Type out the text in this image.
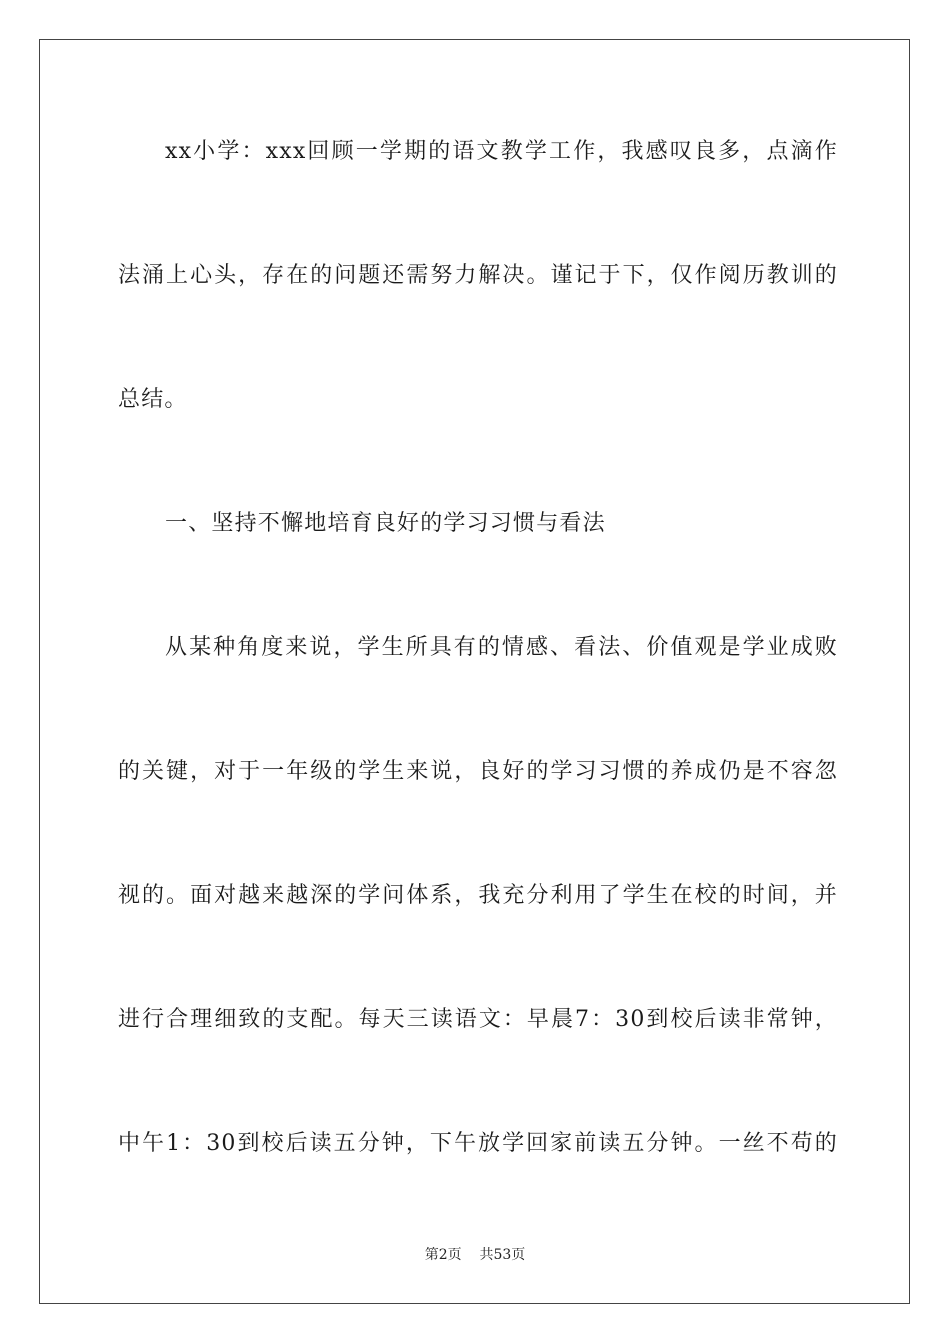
xx小学：xxx回顾一学期的语文教学工作，我感叹良多，点滴作
法涌上心头，存在的问题还需努力解决。谨记于下，仅作阅历教训的
总结。
一、坚持不懈地培育良好的学习习惯与看法
从某种角度来说，学生所具有的情感、看法、价值观是学业成败
的关键，对于一年级的学生来说，良好的学习习惯的养成仍是不容忽
视的。面对越来越深的学问体系，我充分利用了学生在校的时间，并
进行合理细致的支配。每天三读语文：早晨7：30到校后读非常钟，
中午1：30到校后读五分钟，下午放学回家前读五分钟。一丝不苟的
第2页 共53页
